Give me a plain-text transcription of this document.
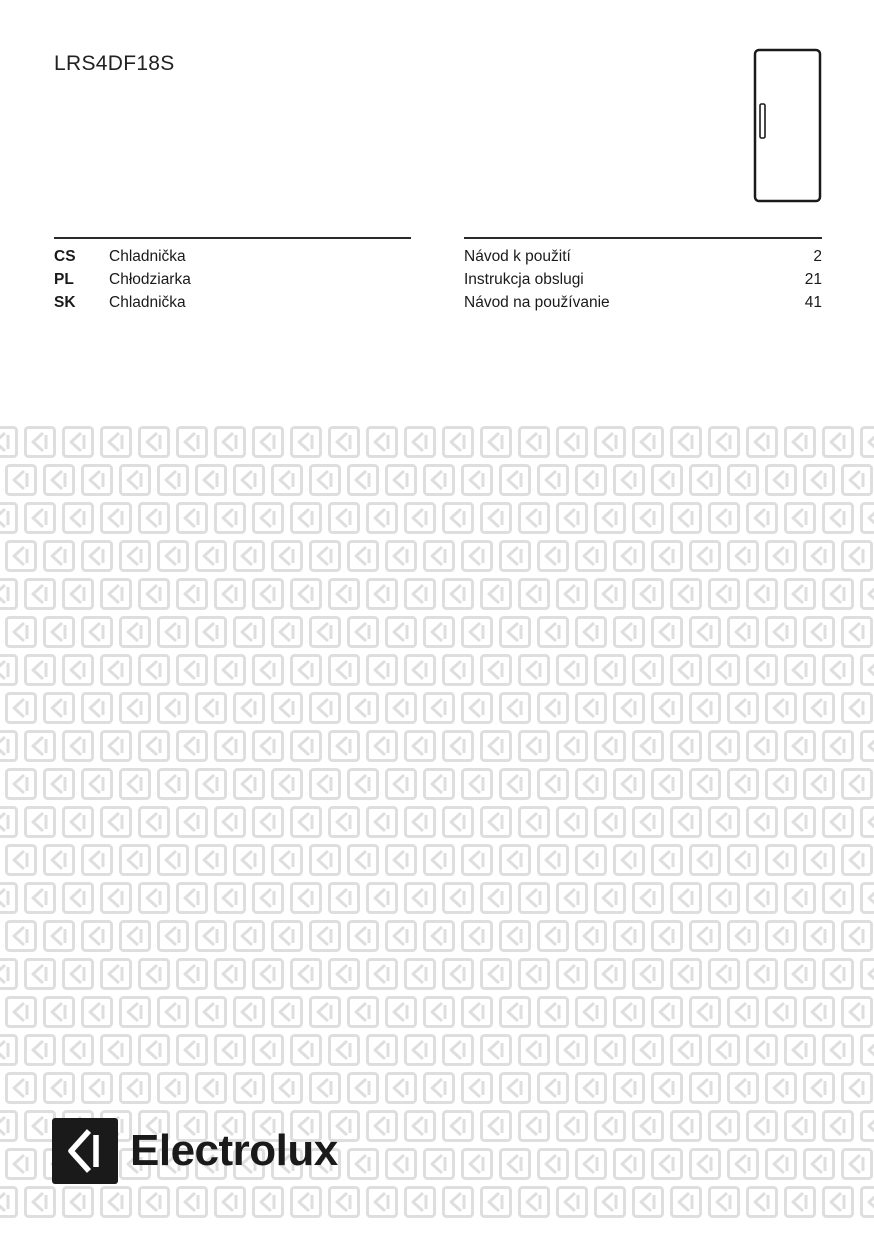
LRS4DF18S
CS	Chladnička
PL	Chłodziarka
SK	Chladnička
Návod k použití	2
Instrukcja obslugi	21
Návod na používanie	41
Electrolux
